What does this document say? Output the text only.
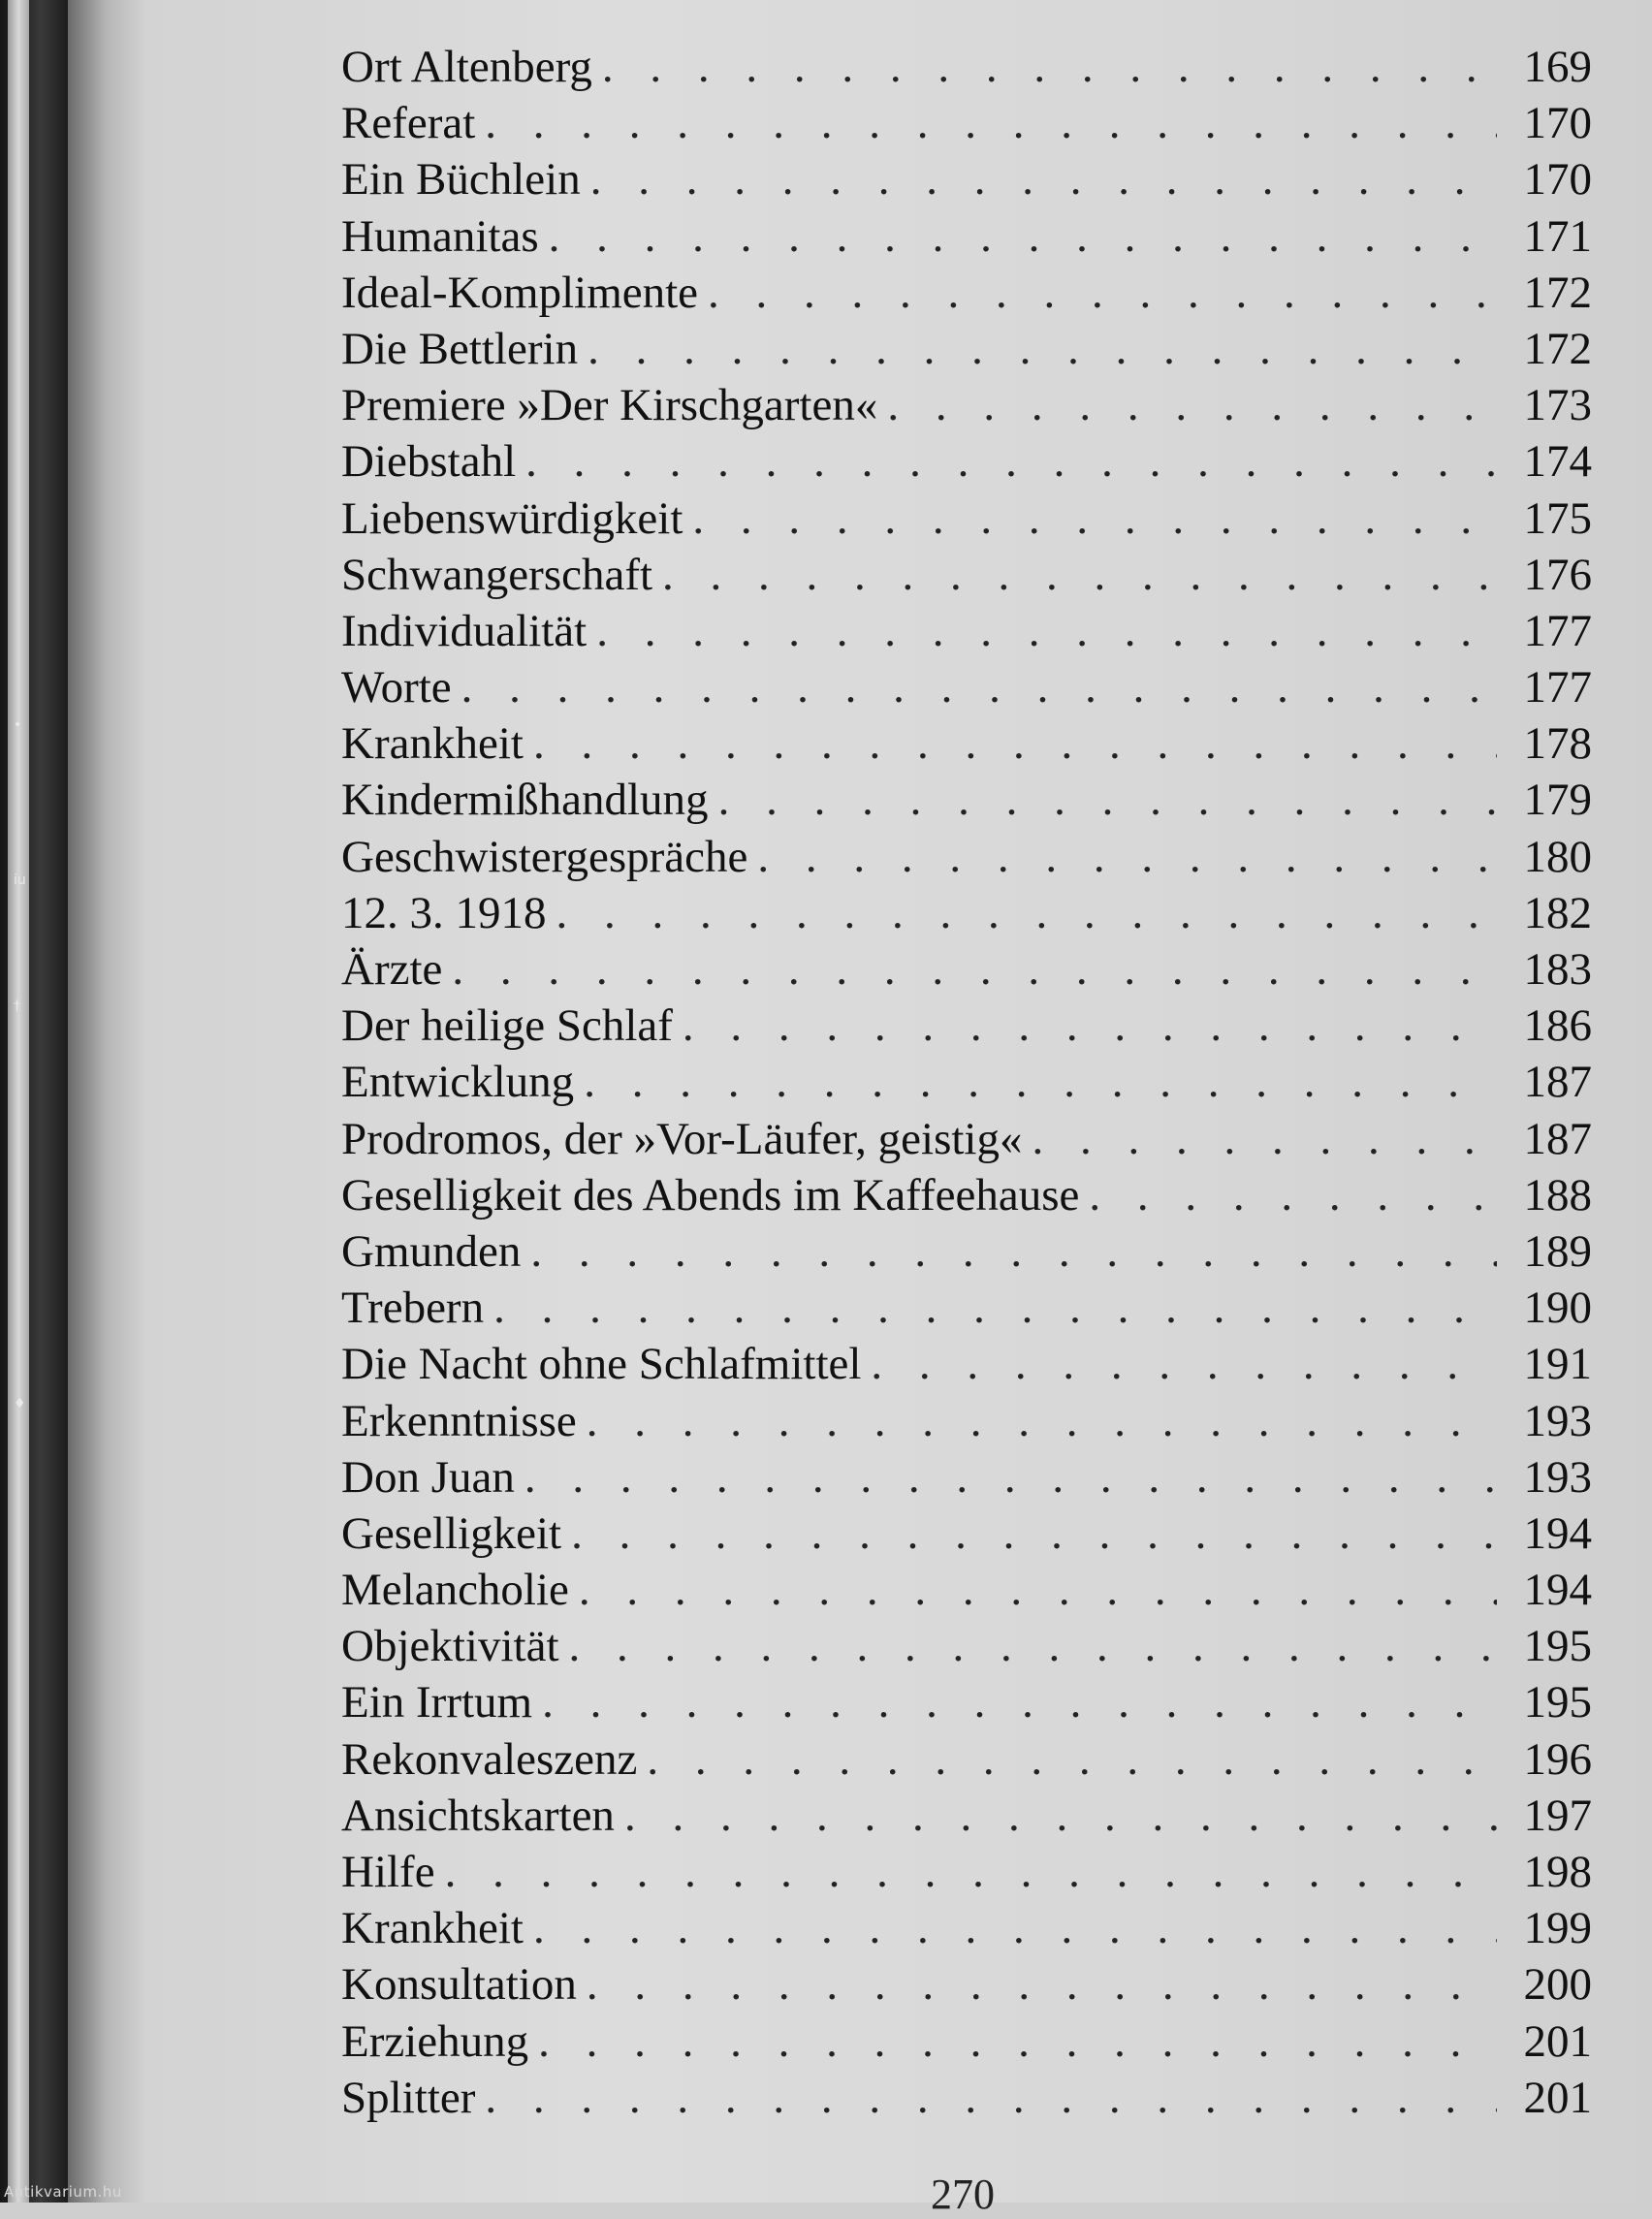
•
iu
†
♦
Ort Altenberg . . .	169
Referat . . .	170
Ein Büchlein . . .	170
Humanitas . . .	171
Ideal-Komplimente . . .	172
Die Bettlerin . . .	172
Premiere »Der Kirschgarten« . . .	173
Diebstahl . . .	174
Liebenswürdigkeit . . .	175
Schwangerschaft . . .	176
Individualität . . .	177
Worte . . .	177
Krankheit . . .	178
Kindermißhandlung . . .	179
Geschwistergespräche . . .	180
12. 3. 1918 . . .	182
Ärzte . . .	183
Der heilige Schlaf . . .	186
Entwicklung . . .	187
Prodromos, der »Vor-Läufer, geistig« . . .	187
Geselligkeit des Abends im Kaffeehause . . .	188
Gmunden . . .	189
Trebern . . .	190
Die Nacht ohne Schlafmittel . . .	191
Erkenntnisse . . .	193
Don Juan . . .	193
Geselligkeit . . .	194
Melancholie . . .	194
Objektivität . . .	195
Ein Irrtum . . .	195
Rekonvaleszenz . . .	196
Ansichtskarten . . .	197
Hilfe . . .	198
Krankheit . . .	199
Konsultation . . .	200
Erziehung . . .	201
Splitter . . .	201
270
Antikvarium.hu
